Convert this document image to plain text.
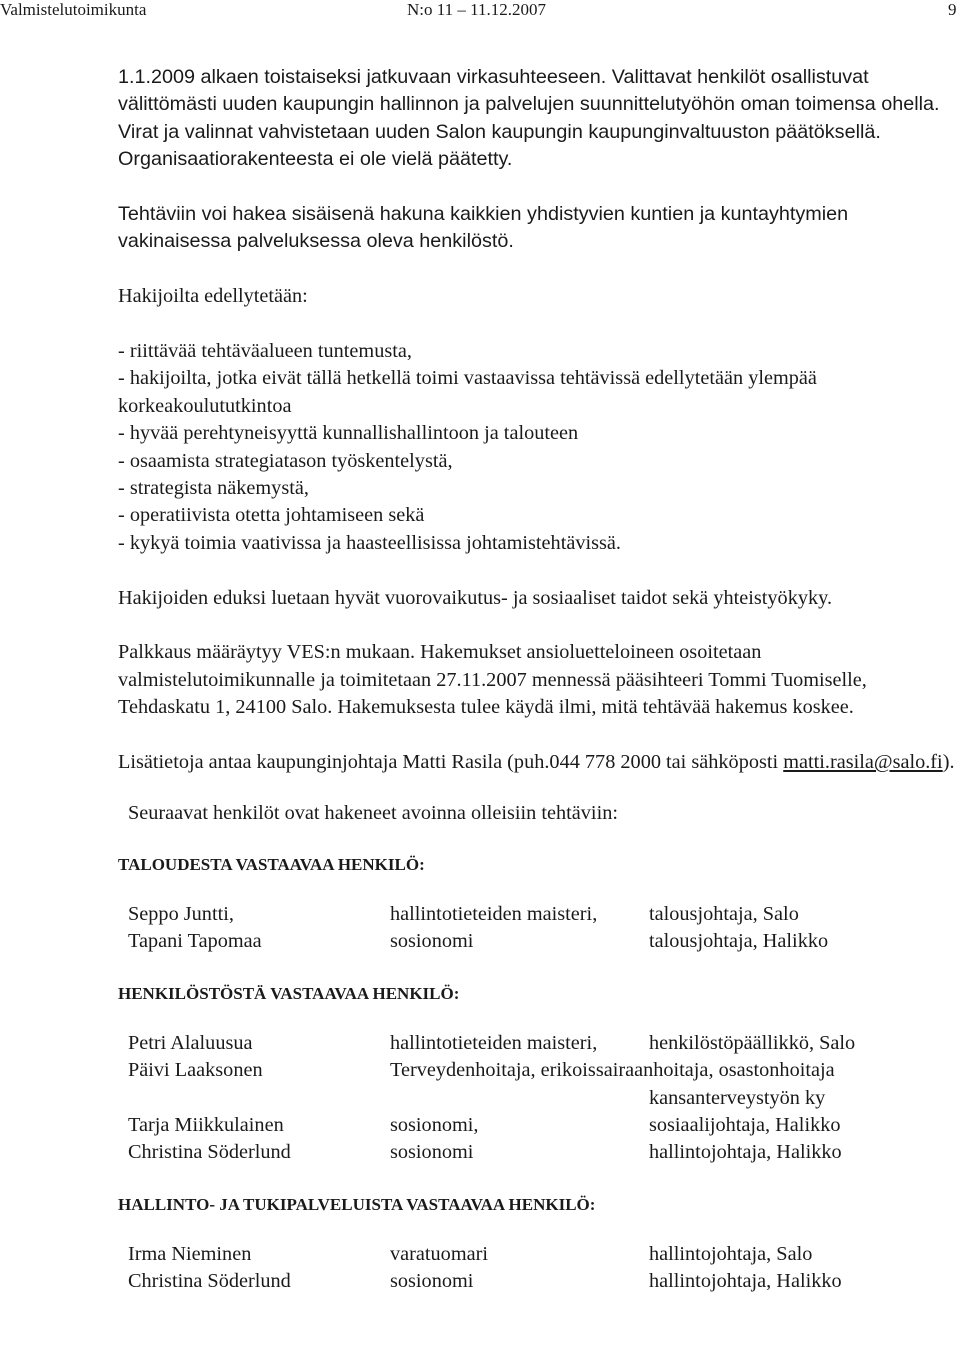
Valmistelutoimikunta	N:o 11 – 11.12.2007	9

1.1.2009 alkaen toistaiseksi jatkuvaan virkasuhteeseen. Valittavat henkilöt osallistuvat välittömästi uuden kaupungin hallinnon ja palvelujen suunnittelutyöhön oman toimensa ohella. Virat ja valinnat vahvistetaan uuden Salon kaupungin kaupunginvaltuuston päätöksellä. Organisaatiorakenteesta ei ole vielä päätetty.

Tehtäviin voi hakea sisäisenä hakuna kaikkien yhdistyvien kuntien ja kuntayhtymien vakinaisessa palveluksessa oleva henkilöstö.

Hakijoilta edellytetään:

- riittävää tehtäväalueen tuntemusta,

- hakijoilta, jotka eivät tällä hetkellä toimi vastaavissa tehtävissä edellytetään ylempää korkeakoulututkintoa

- hyvää perehtyneisyyttä kunnallishallintoon ja talouteen

- osaamista strategiatason työskentelystä,

- strategista näkemystä,

- operatiivista otetta johtamiseen sekä

- kykyä toimia vaativissa ja haasteellisissa johtamistehtävissä.

Hakijoiden eduksi luetaan hyvät vuorovaikutus- ja sosiaaliset taidot sekä yhteistyökyky.

Palkkaus määräytyy VES:n mukaan. Hakemukset ansioluetteloineen osoitetaan valmistelutoimikunnalle ja toimitetaan 27.11.2007 mennessä pääsihteeri Tommi Tuomiselle, Tehdaskatu 1, 24100 Salo. Hakemuksesta tulee käydä ilmi, mitä tehtävää hakemus koskee.

Lisätietoja antaa kaupunginjohtaja Matti Rasila (puh.044 778 2000 tai sähköposti matti.rasila@salo.fi).

Seuraavat henkilöt ovat hakeneet avoinna olleisiin tehtäviin:

TALOUDESTA VASTAAVAA HENKILÖ:
Seppo Juntti,	hallintotieteiden maisteri,	talousjohtaja, Salo
Tapani Tapomaa	sosionomi	talousjohtaja, Halikko
HENKILÖSTÖSTÄ VASTAAVAA HENKILÖ:
Petri Alaluusua	hallintotieteiden maisteri,	henkilöstöpäällikkö, Salo
Päivi Laaksonen	Terveydenhoitaja, erikoissairaanhoitaja, osastonhoitaja	
		kansanterveystyön ky
Tarja Miikkulainen	sosionomi,	sosiaalijohtaja, Halikko
Christina Söderlund	sosionomi	hallintojohtaja, Halikko
HALLINTO- JA TUKIPALVELUISTA VASTAAVAA HENKILÖ:
Irma Nieminen	varatuomari	hallintojohtaja, Salo
Christina Söderlund	sosionomi	hallintojohtaja, Halikko
